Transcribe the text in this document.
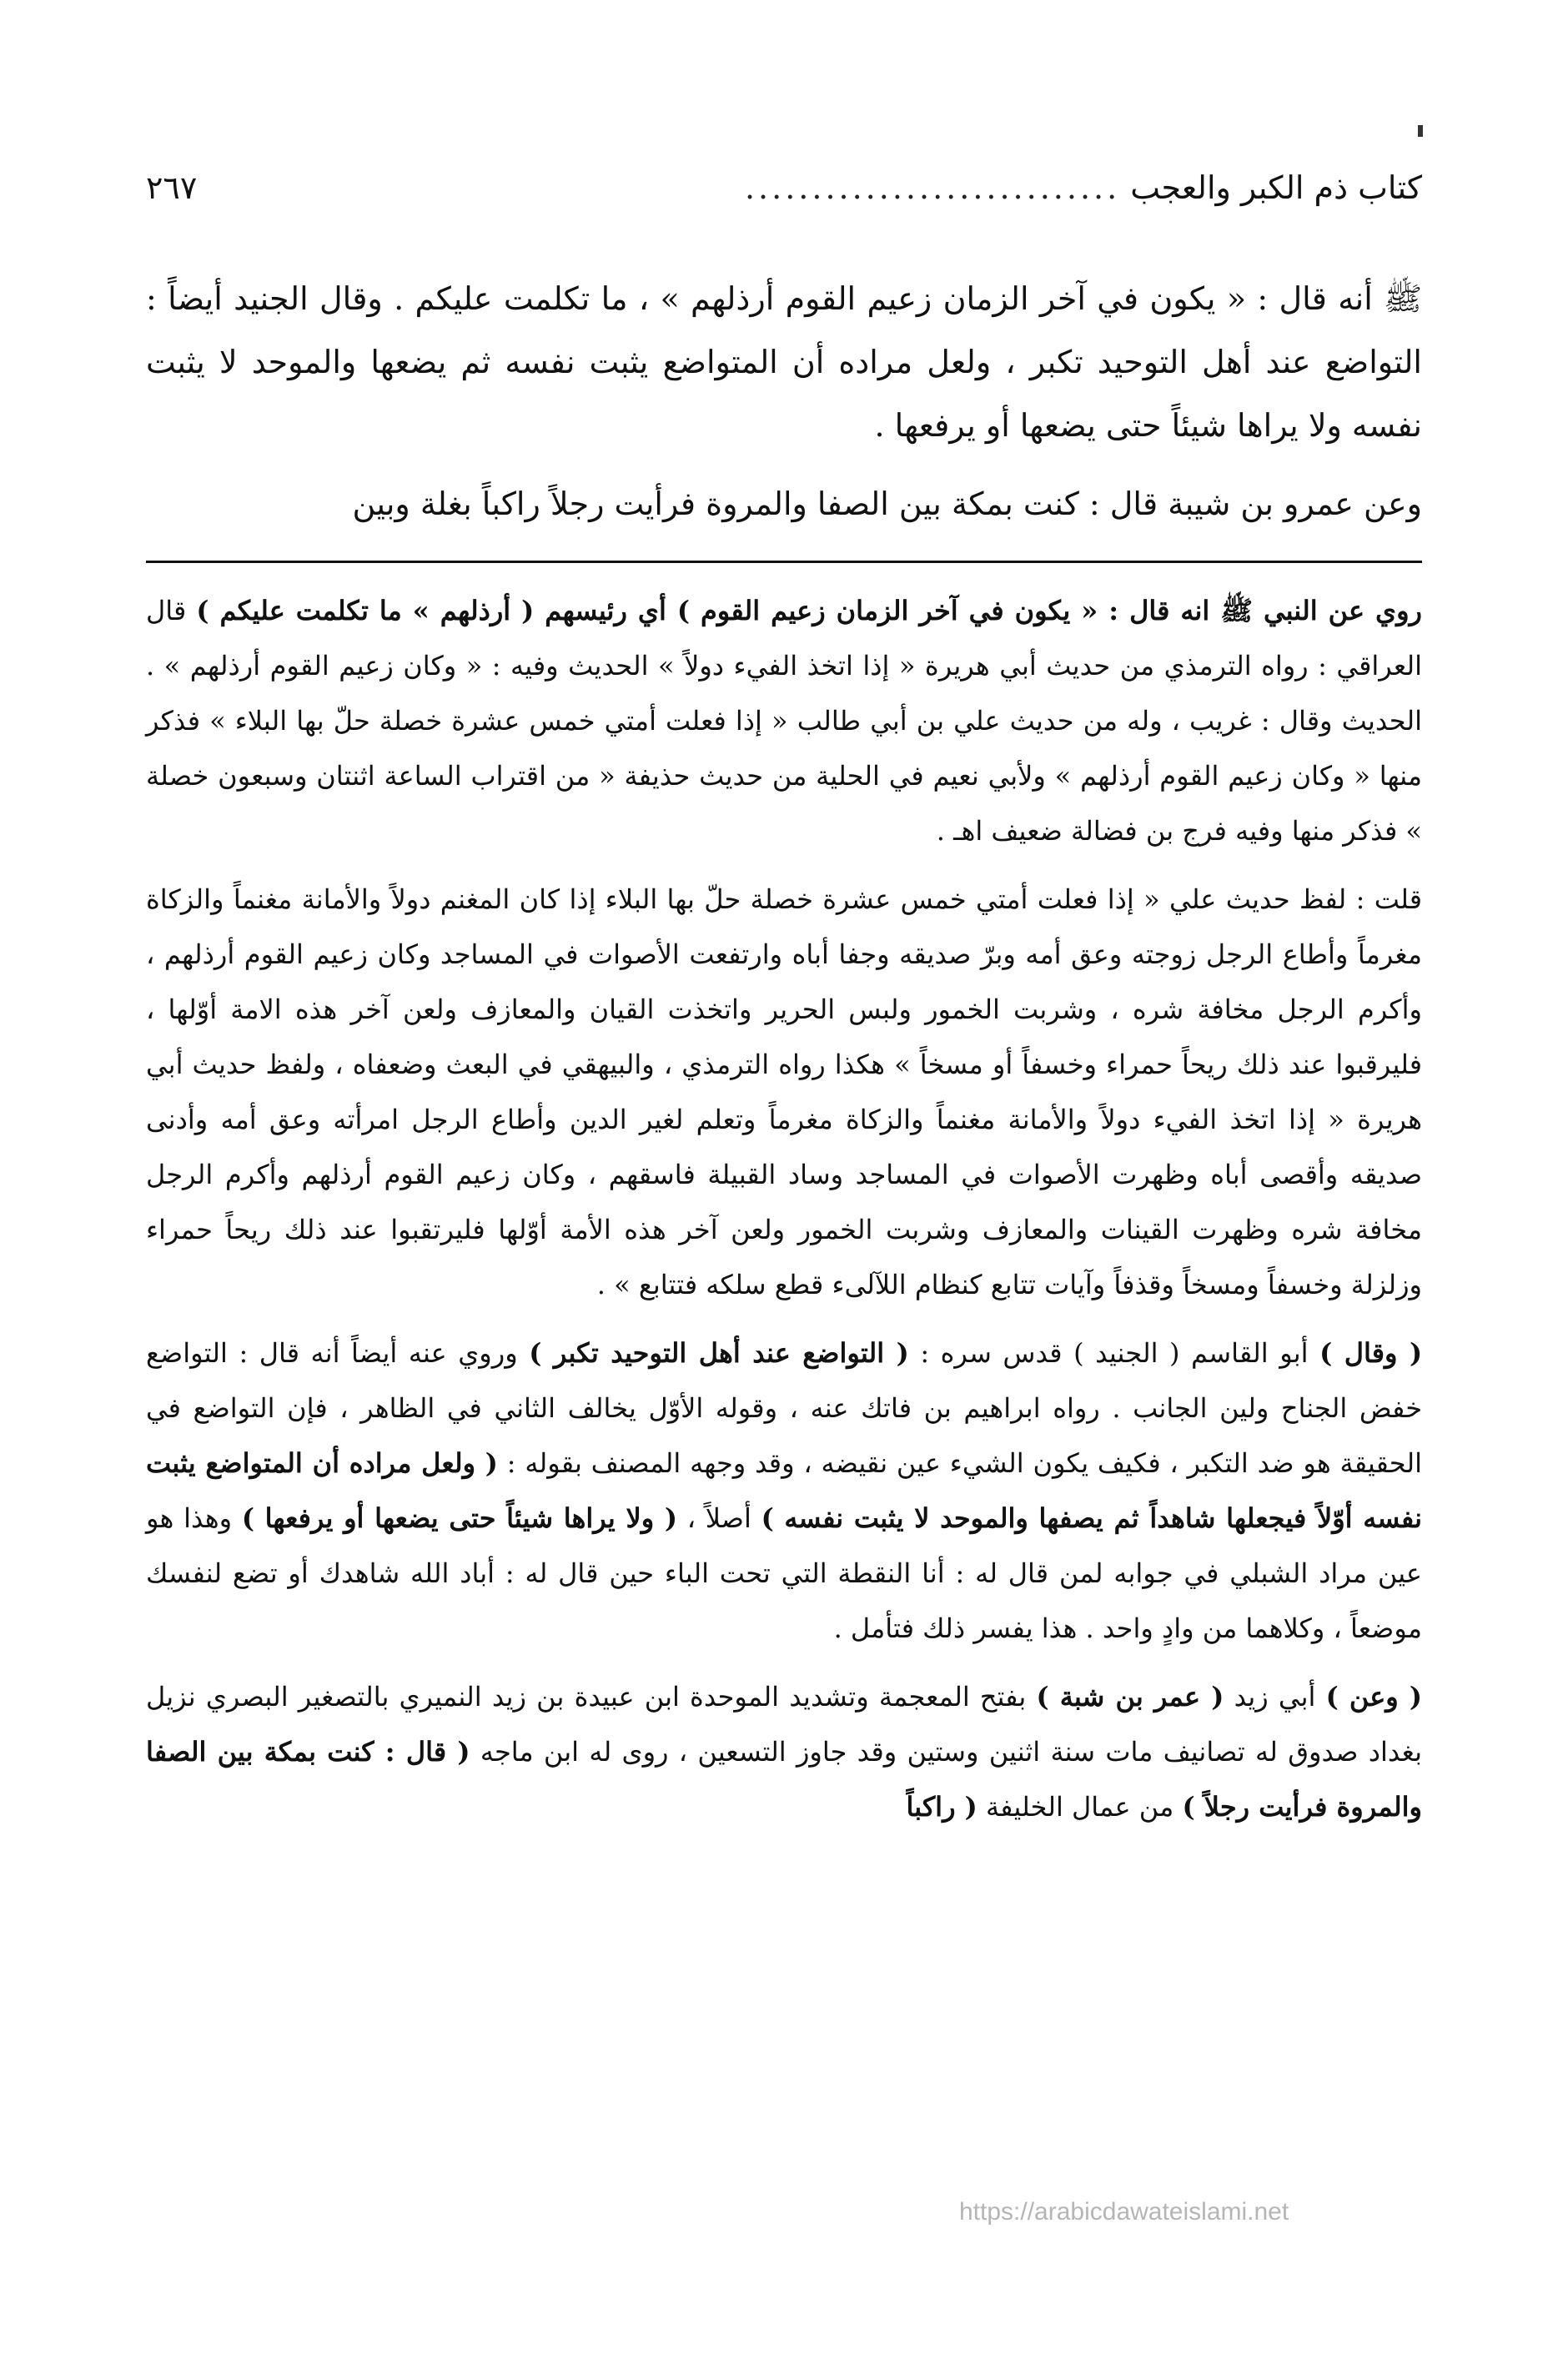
كتاب ذم الكبر والعجب
............................
٢٦٧

ﷺ أنه قال : « يكون في آخر الزمان زعيم القوم أرذلهم » ، ما تكلمت عليكم . وقال الجنيد أيضاً : التواضع عند أهل التوحيد تكبر ، ولعل مراده أن المتواضع يثبت نفسه ثم يضعها والموحد لا يثبت نفسه ولا يراها شيئاً حتى يضعها أو يرفعها .

وعن عمرو بن شيبة قال : كنت بمكة بين الصفا والمروة فرأيت رجلاً راكباً بغلة وبين

روي عن النبي ﷺ انه قال : « يكون في آخر الزمان زعيم القوم ) أي رئيسهم ( أرذلهم » ما تكلمت عليكم ) قال العراقي : رواه الترمذي من حديث أبي هريرة « إذا اتخذ الفيء دولاً » الحديث وفيه : « وكان زعيم القوم أرذلهم » . الحديث وقال : غريب ، وله من حديث علي بن أبي طالب « إذا فعلت أمتي خمس عشرة خصلة حلّ بها البلاء » فذكر منها « وكان زعيم القوم أرذلهم » ولأبي نعيم في الحلية من حديث حذيفة « من اقتراب الساعة اثنتان وسبعون خصلة » فذكر منها وفيه فرج بن فضالة ضعيف اهـ .

قلت : لفظ حديث علي « إذا فعلت أمتي خمس عشرة خصلة حلّ بها البلاء إذا كان المغنم دولاً والأمانة مغنماً والزكاة مغرماً وأطاع الرجل زوجته وعق أمه وبرّ صديقه وجفا أباه وارتفعت الأصوات في المساجد وكان زعيم القوم أرذلهم ، وأكرم الرجل مخافة شره ، وشربت الخمور ولبس الحرير واتخذت القيان والمعازف ولعن آخر هذه الامة أوّلها ، فليرقبوا عند ذلك ريحاً حمراء وخسفاً أو مسخاً » هكذا رواه الترمذي ، والبيهقي في البعث وضعفاه ، ولفظ حديث أبي هريرة « إذا اتخذ الفيء دولاً والأمانة مغنماً والزكاة مغرماً وتعلم لغير الدين وأطاع الرجل امرأته وعق أمه وأدنى صديقه وأقصى أباه وظهرت الأصوات في المساجد وساد القبيلة فاسقهم ، وكان زعيم القوم أرذلهم وأكرم الرجل مخافة شره وظهرت القينات والمعازف وشربت الخمور ولعن آخر هذه الأمة أوّلها فليرتقبوا عند ذلك ريحاً حمراء وزلزلة وخسفاً ومسخاً وقذفاً وآيات تتابع كنظام اللآلىء قطع سلكه فتتابع » .

( وقال ) أبو القاسم ( الجنيد ) قدس سره : ( التواضع عند أهل التوحيد تكبر ) وروي عنه أيضاً أنه قال : التواضع خفض الجناح ولين الجانب . رواه ابراهيم بن فاتك عنه ، وقوله الأوّل يخالف الثاني في الظاهر ، فإن التواضع في الحقيقة هو ضد التكبر ، فكيف يكون الشيء عين نقيضه ، وقد وجهه المصنف بقوله : ( ولعل مراده أن المتواضع يثبت نفسه أوّلاً فيجعلها شاهداً ثم يصفها والموحد لا يثبت نفسه ) أصلاً ، ( ولا يراها شيئاً حتى يضعها أو يرفعها ) وهذا هو عين مراد الشبلي في جوابه لمن قال له : أنا النقطة التي تحت الباء حين قال له : أباد الله شاهدك أو تضع لنفسك موضعاً ، وكلاهما من وادٍ واحد . هذا يفسر ذلك فتأمل .

( وعن ) أبي زيد ( عمر بن شبة ) بفتح المعجمة وتشديد الموحدة ابن عبيدة بن زيد النميري بالتصغير البصري نزيل بغداد صدوق له تصانيف مات سنة اثنين وستين وقد جاوز التسعين ، روى له ابن ماجه ( قال : كنت بمكة بين الصفا والمروة فرأيت رجلاً ) من عمال الخليفة ( راكباً

https://arabicdawateislami.net
